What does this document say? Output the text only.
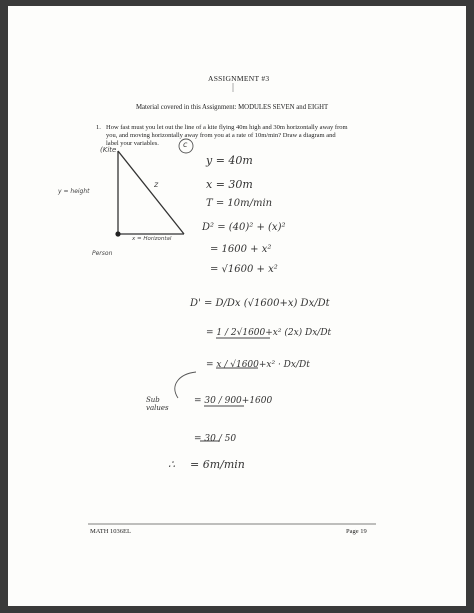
ASSIGNMENT #3
Material covered in this Assignment: MODULES SEVEN and EIGHT
1. How fast must you let out the line of a kite flying 40m high and 30m horizontally away from
you, and moving horizontally away from you at a rate of 10m/min? Draw a diagram and
label your variables.
(Kite
y = height
z
x = Horizontal
Person
c
y = 40m
x = 30m
T = 10m/min
D² = (40)² + (x)²
= 1600 + x²
= √1600 + x²
D' = D/Dx (√1600+x) Dx/Dt
= 1 / 2√1600+x² (2x) Dx/Dt
= x / √1600+x² · Dx/Dt
Sub values
= 30 / 900+1600
= 30 / 50
∴ = 6m/min
MATH 1036EL	Page 19
